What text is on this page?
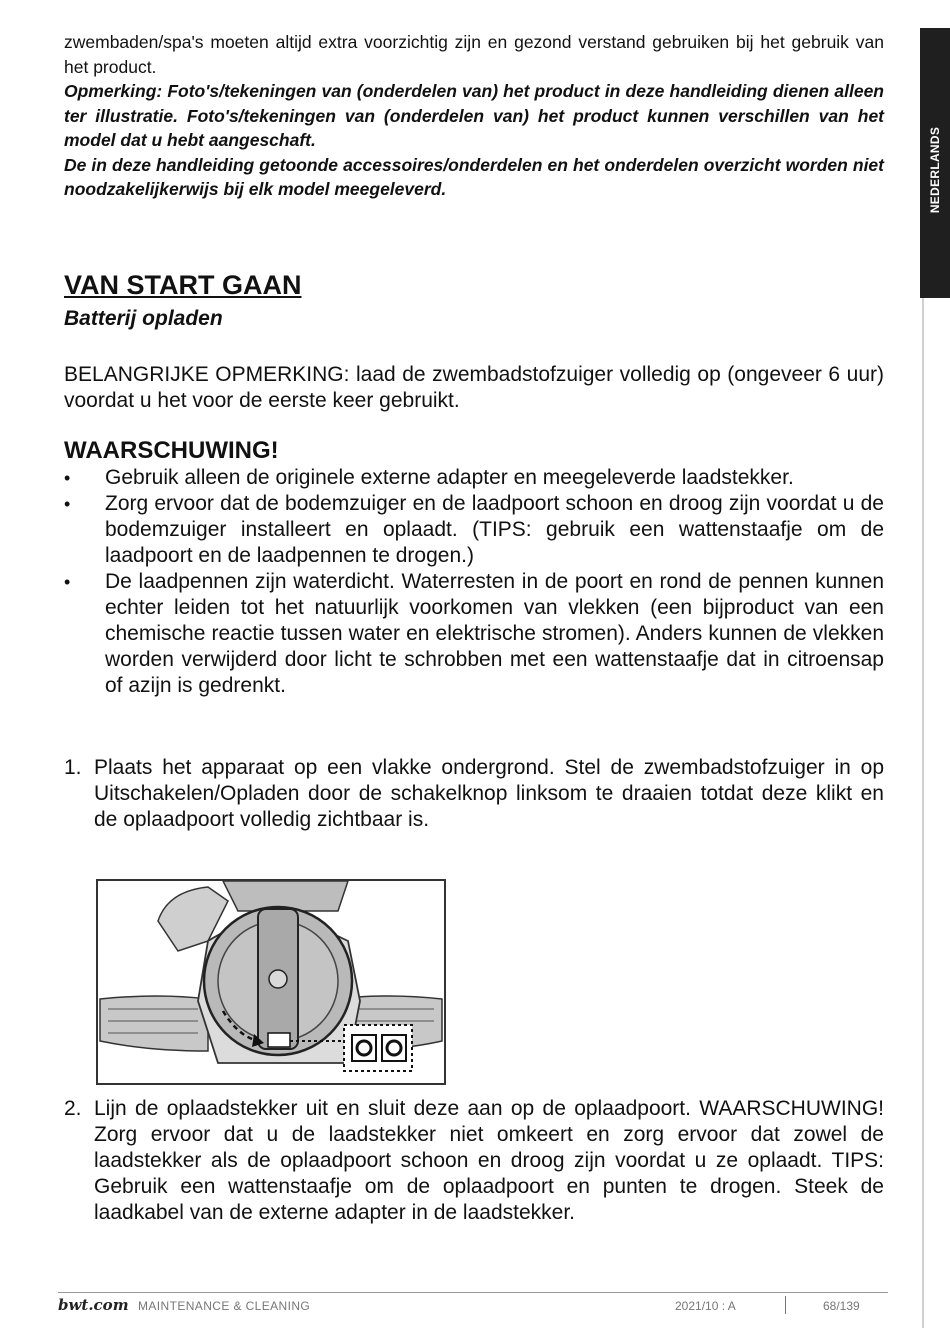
NEDERLANDS

zwembaden/spa's moeten altijd extra voorzichtig zijn en gezond verstand gebruiken bij het gebruik van het product.

Opmerking: Foto's/tekeningen van (onderdelen van) het product in deze handleiding dienen alleen ter illustratie. Foto's/tekeningen van (onderdelen van) het product kunnen verschillen van het model dat u hebt aangeschaft.

De in deze handleiding getoonde accessoires/onderdelen en het onderdelen overzicht worden niet noodzakelijkerwijs bij elk model meegeleverd.

VAN START GAAN
Batterij opladen

BELANGRIJKE OPMERKING: laad de zwembadstofzuiger volledig op (ongeveer 6 uur) voordat u het voor de eerste keer gebruikt.

WAARSCHUWING!
•	Gebruik alleen de originele externe adapter en meegeleverde laadstekker.
•	Zorg ervoor dat de bodemzuiger en de laadpoort schoon en droog zijn voordat u de bodemzuiger installeert en oplaadt. (TIPS: gebruik een wattenstaafje om de laadpoort en de laadpennen te drogen.)
•	De laadpennen zijn waterdicht. Waterresten in de poort en rond de pennen kunnen echter leiden tot het natuurlijk voorkomen van vlekken (een bijproduct van een chemische reactie tussen water en elektrische stromen). Anders kunnen de vlekken worden verwijderd door licht te schrobben met een wattenstaafje dat in citroensap of azijn is gedrenkt.
1. Plaats het apparaat op een vlakke ondergrond. Stel de zwembadstofzuiger in op Uitschakelen/Opladen door de schakelknop linksom te draaien totdat deze klikt en de oplaadpoort volledig zichtbaar is.
2. Lijn de oplaadstekker uit en sluit deze aan op de oplaadpoort. WAARSCHUWING! Zorg ervoor dat u de laadstekker niet omkeert en zorg ervoor dat zowel de laadstekker als de oplaadpoort schoon en droog zijn voordat u ze oplaadt. TIPS: Gebruik een wattenstaafje om de oplaadpoort en punten te drogen. Steek de laadkabel van de externe adapter in de laadstekker.
bwt.com MAINTENANCE & CLEANING	2021/10 : A	68/139
